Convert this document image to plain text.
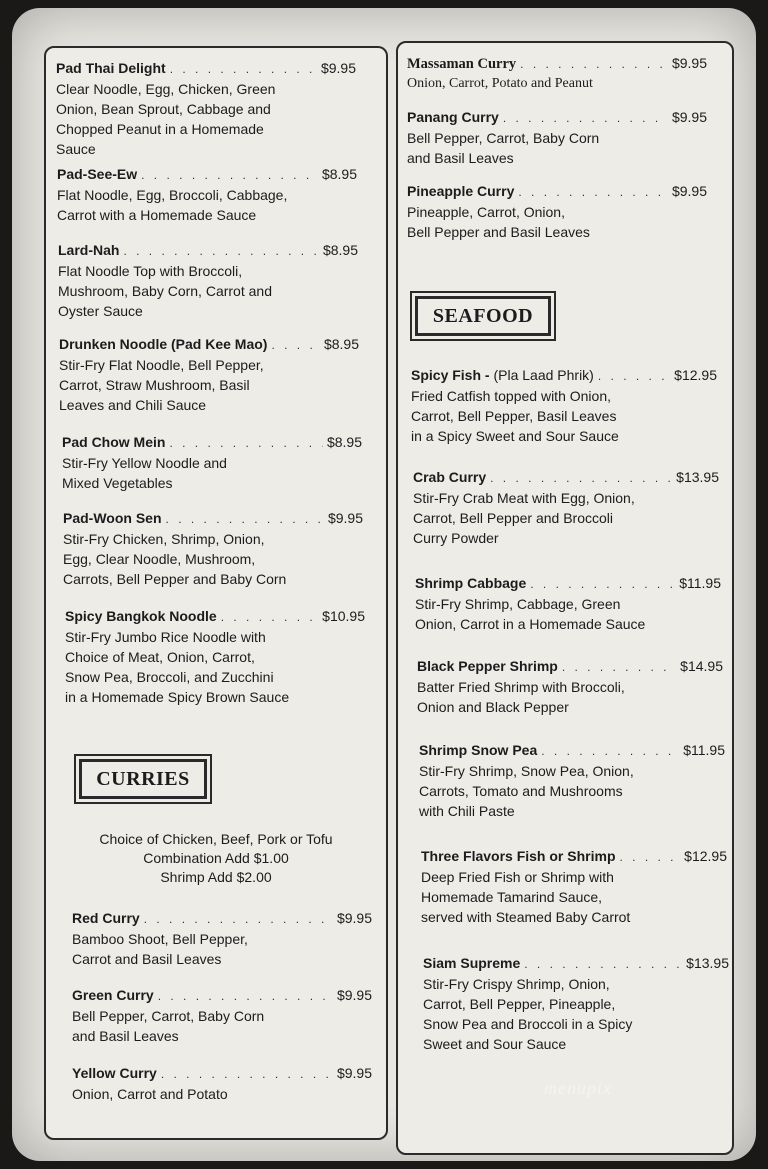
Pad Thai Delight . . .	$9.95
Clear Noodle, Egg, Chicken, Green
Onion, Bean Sprout, Cabbage and
Chopped Peanut in a Homemade
Sauce
Pad-See-Ew . . .	$8.95
Flat Noodle, Egg, Broccoli, Cabbage,
Carrot with a Homemade Sauce
Lard-Nah . . .	$8.95
Flat Noodle Top with Broccoli,
Mushroom, Baby Corn, Carrot and
Oyster Sauce
Drunken Noodle (Pad Kee Mao) . . .	$8.95
Stir-Fry Flat Noodle, Bell Pepper,
Carrot, Straw Mushroom, Basil
Leaves and Chili Sauce
Pad Chow Mein . . .	$8.95
Stir-Fry Yellow Noodle and
Mixed Vegetables
Pad-Woon Sen . . .	$9.95
Stir-Fry Chicken, Shrimp, Onion,
Egg, Clear Noodle, Mushroom,
Carrots, Bell Pepper and Baby Corn
Spicy Bangkok Noodle . . .	$10.95
Stir-Fry Jumbo Rice Noodle with
Choice of Meat, Onion, Carrot,
Snow Pea, Broccoli, and Zucchini
in a Homemade Spicy Brown Sauce
CURRIES
Choice of Chicken, Beef, Pork or Tofu
Combination Add $1.00
Shrimp Add $2.00
Red Curry . . .	$9.95
Bamboo Shoot, Bell Pepper,
Carrot and Basil Leaves
Green Curry . . .	$9.95
Bell Pepper, Carrot, Baby Corn
and Basil Leaves
Yellow Curry . . .	$9.95
Onion, Carrot and Potato
Massaman Curry . . .	$9.95
Onion, Carrot, Potato and Peanut
Panang Curry . . .	$9.95
Bell Pepper, Carrot, Baby Corn
and Basil Leaves
Pineapple Curry . . .	$9.95
Pineapple, Carrot, Onion,
Bell Pepper and Basil Leaves
SEAFOOD
Spicy Fish - (Pla Laad Phrik) . . .	$12.95
Fried Catfish topped with Onion,
Carrot, Bell Pepper, Basil Leaves
in a Spicy Sweet and Sour Sauce
Crab Curry . . .	$13.95
Stir-Fry Crab Meat with Egg, Onion,
Carrot, Bell Pepper and Broccoli
Curry Powder
Shrimp Cabbage . . .	$11.95
Stir-Fry Shrimp, Cabbage, Green
Onion, Carrot in a Homemade Sauce
Black Pepper Shrimp . . .	$14.95
Batter Fried Shrimp with Broccoli,
Onion and Black Pepper
Shrimp Snow Pea . . .	$11.95
Stir-Fry Shrimp, Snow Pea, Onion,
Carrots, Tomato and Mushrooms
with Chili Paste
Three Flavors Fish or Shrimp . . .	$12.95
Deep Fried Fish or Shrimp with
Homemade Tamarind Sauce,
served with Steamed Baby Carrot
Siam Supreme . . .	$13.95
Stir-Fry Crispy Shrimp, Onion,
Carrot, Bell Pepper, Pineapple,
Snow Pea and Broccoli in a Spicy
Sweet and Sour Sauce
menupix
